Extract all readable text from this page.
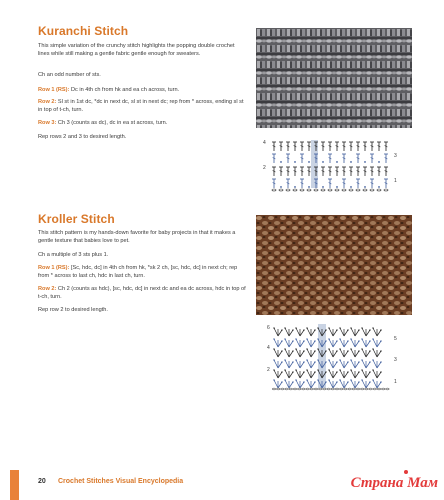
Kuranchi Stitch

This simple variation of the crunchy stitch highlights the popping double crochet lines while still making a gentle fabric gentle enough for sweaters.

Ch an odd number of sts.

Row 1 (RS): Dc in 4th ch from hk and ea ch across, turn.

Row 2: Sl st in 1st dc, *dc in next dc, sl st in next dc; rep from * across, ending sl st in top of t-ch, turn.

Row 3: Ch 3 (counts as dc), dc in ea st across, turn.

Rep rows 2 and 3 to desired length.

4
2
3
1
Kroller Stitch

This stitch pattern is my hands-down favorite for baby projects in that it makes a gentle texture that babies love to pet.

Ch a multiple of 3 sts plus 1.

Row 1 (RS): [Sc, hdc, dc] in 4th ch from hk, *sk 2 ch, [sc, hdc, dc] in next ch; rep from * across to last ch, hdc in last ch, turn.

Row 2: Ch 2 (counts as hdc), [sc, hdc, dc] in next dc and ea dc across, hdc in top of t-ch, turn.

Rep row 2 to desired length.

6
4
2
5
3
1
20 Crochet Stitches Visual Encyclopedia	Страна Мам
